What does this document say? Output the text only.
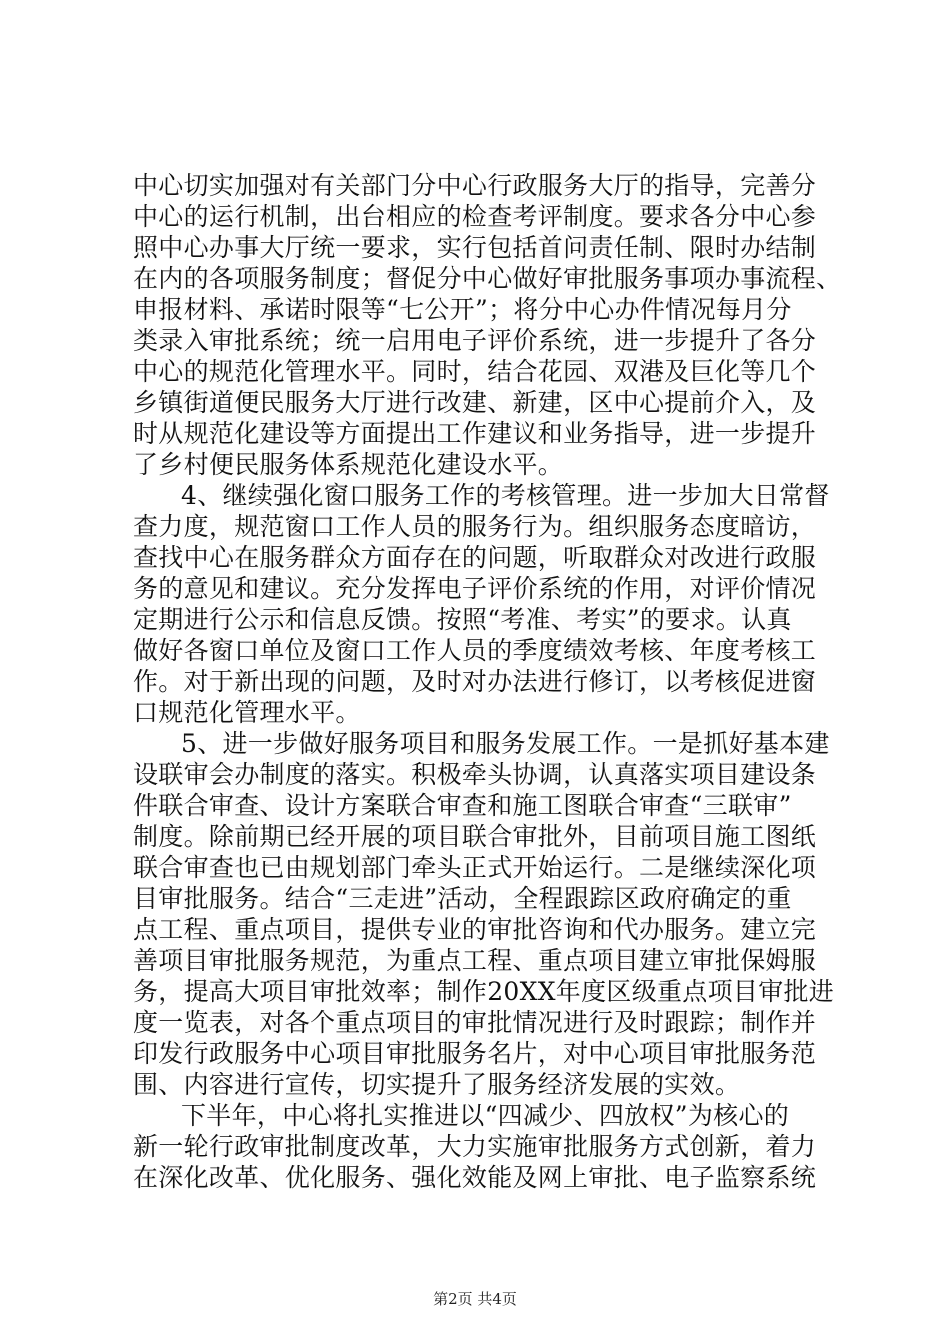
中心切实加强对有关部门分中心行政服务大厅的指导，完善分
中心的运行机制，出台相应的检查考评制度。要求各分中心参
照中心办事大厅统一要求，实行包括首问责任制、限时办结制
在内的各项服务制度；督促分中心做好审批服务事项办事流程、
申报材料、承诺时限等“七公开”；将分中心办件情况每月分
类录入审批系统；统一启用电子评价系统，进一步提升了各分
中心的规范化管理水平。同时，结合花园、双港及巨化等几个
乡镇街道便民服务大厅进行改建、新建，区中心提前介入，及
时从规范化建设等方面提出工作建议和业务指导，进一步提升
了乡村便民服务体系规范化建设水平。
4、继续强化窗口服务工作的考核管理。进一步加大日常督
查力度，规范窗口工作人员的服务行为。组织服务态度暗访，
查找中心在服务群众方面存在的问题，听取群众对改进行政服
务的意见和建议。充分发挥电子评价系统的作用，对评价情况
定期进行公示和信息反馈。按照“考准、考实”的要求。认真
做好各窗口单位及窗口工作人员的季度绩效考核、年度考核工
作。对于新出现的问题，及时对办法进行修订，以考核促进窗
口规范化管理水平。
5、进一步做好服务项目和服务发展工作。一是抓好基本建
设联审会办制度的落实。积极牵头协调，认真落实项目建设条
件联合审查、设计方案联合审查和施工图联合审查“三联审”
制度。除前期已经开展的项目联合审批外，目前项目施工图纸
联合审查也已由规划部门牵头正式开始运行。二是继续深化项
目审批服务。结合“三走进”活动，全程跟踪区政府确定的重
点工程、重点项目，提供专业的审批咨询和代办服务。建立完
善项目审批服务规范，为重点工程、重点项目建立审批保姆服
务，提高大项目审批效率；制作20XX年度区级重点项目审批进
度一览表，对各个重点项目的审批情况进行及时跟踪；制作并
印发行政服务中心项目审批服务名片，对中心项目审批服务范
围、内容进行宣传，切实提升了服务经济发展的实效。
下半年，中心将扎实推进以“四减少、四放权”为核心的
新一轮行政审批制度改革，大力实施审批服务方式创新，着力
在深化改革、优化服务、强化效能及网上审批、电子监察系统
第2页 共4页
